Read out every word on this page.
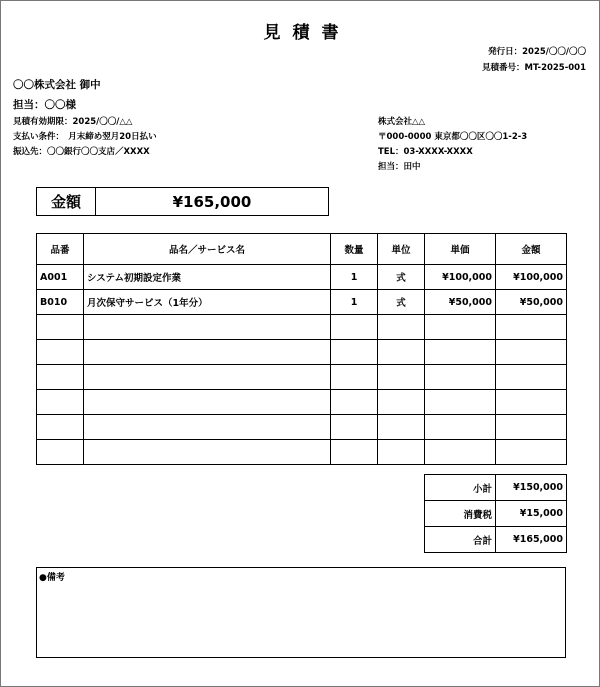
見積書
発行日：2025/〇〇/〇〇
見積番号：MT-2025-001
〇〇株式会社 御中
担当：〇〇様
見積有効期限：2025/〇〇/△△
支払い条件：　月末締め翌月20日払い
振込先：〇〇銀行〇〇支店／XXXX
株式会社△△
〒000-0000 東京都〇〇区〇〇1-2-3
TEL：03-XXXX-XXXX
担当：田中
金額	¥165,000
品番	品名／サービス名	数量	単位	単価	金額
A001	システム初期設定作業	1	式	¥100,000	¥100,000
B010	月次保守サービス（1年分）	1	式	¥50,000	¥50,000

小計	¥150,000
消費税	¥15,000
合計	¥165,000
●備考
